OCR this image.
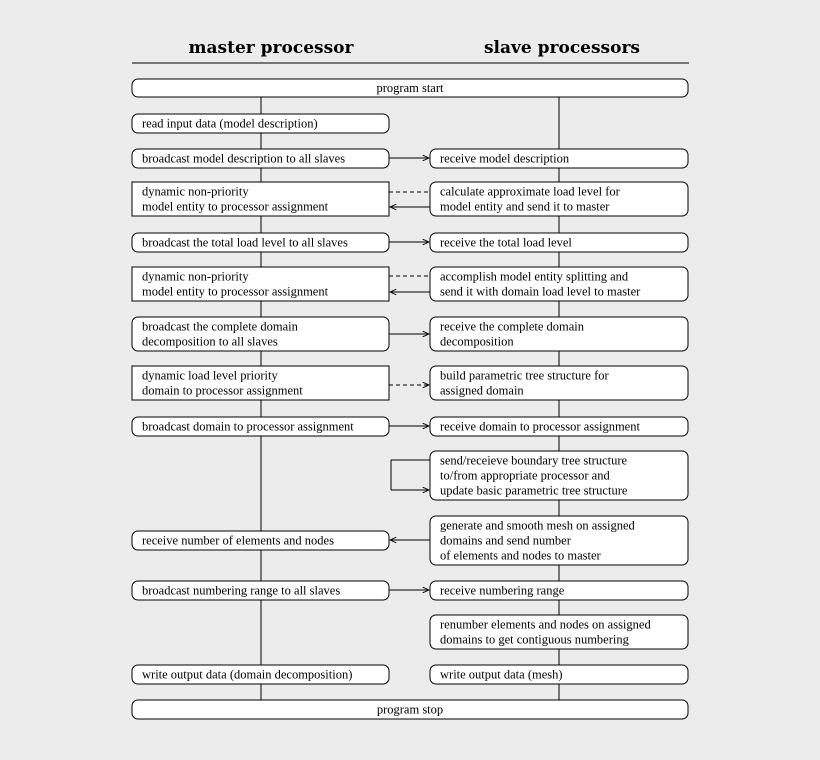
master processor	slave processors
program start
program stop
read input data (model description)
broadcast model description to all slaves
dynamic non-priority
model entity to processor assignment
broadcast the total load level to all slaves
dynamic non-priority
model entity to processor assignment
broadcast the complete domain
decomposition to all slaves
dynamic load level priority
domain to processor assignment
broadcast domain to processor assignment
receive number of elements and nodes
broadcast numbering range to all slaves
write output data (domain decomposition)
receive model description
calculate approximate load level for
model entity and send it to master
receive the total load level
accomplish model entity splitting and
send it with domain load level to master
receive the complete domain
decomposition
build parametric tree structure for
assigned domain
receive domain to processor assignment
send/receieve boundary tree structure
to/from appropriate processor and
update basic parametric tree structure
generate and smooth mesh on assigned
domains and send number
of elements and nodes to master
receive numbering range
renumber elements and nodes on assigned
domains to get contiguous numbering
write output data (mesh)
